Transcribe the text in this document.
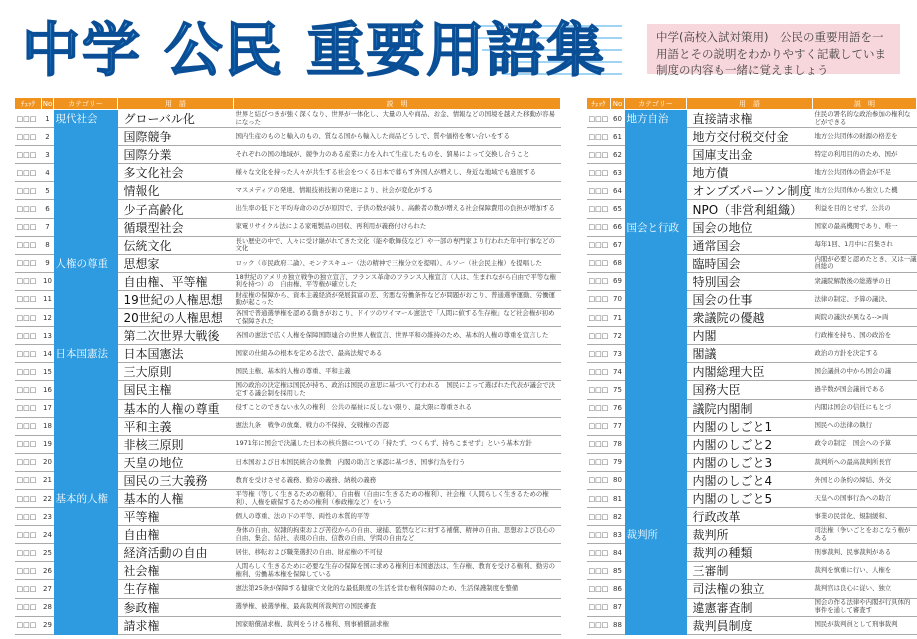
中学 公民 重要用語集	中学(高校入試対策用)　公民の重要用語を一
用語とその説明をわかりやすく記載していま
制度の内容も一緒に覚えましょう
ﾁｪｯｸ	No	カテゴリー	用　語	説　明
□□□	1	現代社会	グローバル化	世界と結びつきが強く深くなり、世界が一体化し、大量の人や商品、お金、情報などの国境を越えた移動が容易になった

□□□	2		国際競争	国内生産のものと輸入のもの、質なる国から輸入した商品どうしで、質や価格を奪い合いをする

□□□	3		国際分業	それぞれの国の地域が、競争力のある産業に力を入れて生産したものを、貿易によって交換し合うこと

□□□	4		多文化社会	様々な文化を持った人々が共生する社会をつくる日本で暮らす外国人が増えし、身近な地域でも進展する

□□□	5		情報化	マスメディアの発達、情報技術技術の発達により、社会が変化がする

□□□	6		少子高齢化	出生率の低下と平均寿命ののびが原因で、子供の数が減り、高齢者の数が増える社会保障費用の負担が増加する

□□□	7		循環型社会	家電リサイクル法による家電製品の回収、再利用が義務付けられた

□□□	8		伝統文化	長い歴史の中で、人々に受け継がれてきた文化（能や歌舞伎など）や一部の専門家より行われた年中行事などの文化

□□□	9	人権の尊重	思想家	ロック（市民政府二論）、モンテスキュー（法の精神で三権分立を提唱）、ルソー（社会民主権）を提唱した

□□□	10		自由権、平等権	18世紀のアメリカ独立戦争の独立宣言、フランス革命のフランス人権宣言（人は、生まれながら自由で平等な権利を持つ）の　自由権、平等権が確立した

□□□	11		19世紀の人権思想	財産権の保障から、資本主義経済が発展貧富の差、劣悪な労働条件などが問題がおこり、普通選挙運動、労働運動が起こった

□□□	12		20世紀の人権思想	各国で普通選挙権を認める動きがおこり、ドイツのワイマール憲法で「人間に値する生存権」など社会権が初めて保障された

□□□	13		第二次世界大戦後	各国の憲法で広く人権を保障国際連合の世界人権宣言、世界平和の維持のため、基本的人権の尊重を宣言した

□□□	14	日本国憲法	日本国憲法	国家の仕組みの根本を定める法で、最高法規である

□□□	15		三大原則	国民主権、基本的人権の尊重、平和主義

□□□	16		国民主権	国の政治の決定権は国民が持ち、政治は国民の意思に基づいて行われる　国民によって選ばれた代表が議会で決定する議会制を採用した

□□□	17		基本的人権の尊重	侵すことのできない永久の権利　公共の福祉に反しない限り、最大限に尊重される

□□□	18		平和主義	憲法九条　戦争の放棄、戦力の不保持、交戦権の否認

□□□	19		非核三原則	1971年に国会で決議した日本の核兵器についての「持たず、つくらず、持ちこませず」という基本方針

□□□	20		天皇の地位	日本国および日本国民統合の象徴　内閣の助言と承認に基づき、国事行為を行う

□□□	21		国民の三大義務	教育を受けさせる義務、勤労の義務、納税の義務

□□□	22	基本的人権	基本的人権	平等権（等しく生きるための権利）、自由権（自由に生きるための権利）、社会権（人間らしく生きるための権利）、人権を確保するための権利（参政権など）をいう

□□□	23		平等権	個人の尊重、法の下の平等、両性の本質的平等

□□□	24		自由権	身体の自由、奴隷的拘束および苦役からの自由、逮捕、監禁などに対する補償、精神の自由、思想および良心の自由、集会、結社、表現の自由、信教の自由、学問の自由など

□□□	25		経済活動の自由	居住、移転および職業選択の自由、財産権の不可侵

□□□	26		社会権	人間らしく生きるために必要な生存の保障を国に求める権利日本国憲法は、生存権、教育を受ける権利、勤労の権利、労働基本権を保障している

□□□	27		生存権	憲法第25条が保障する健康で文化的な最低限度の生活を営む権利保障のため、生活保護制度を整備

□□□	28		参政権	選挙権、被選挙権、最高裁判所裁判官の国民審査

□□□	29		請求権	国家賠償請求権、裁判をうける権利、刑事補償請求権
ﾁｪｯｸ	No	カテゴリー	用　語	説　明
□□□	60	地方自治	直接請求権	住民の署名的な政治参加の権利などができる

□□□	61		地方交付税交付金	地方公共団体の財源の格差を

□□□	62		国庫支出金	特定の利用目的のため、国が

□□□	63		地方債	地方公共団体の借金が不足

□□□	64		オンブズパーソン制度	地方公共団体から独立した機

□□□	65		NPO（非営利組織）	利益を目的とせず、公共の

□□□	66	国会と行政	国会の地位	国家の最高機関であり、唯一

□□□	67		通常国会	毎年1回、1月中に召集され

□□□	68		臨時国会	内閣が必要と認めたとき、又は一議員総の

□□□	69		特別国会	衆議院解散後の総選挙の日

□□□	70		国会の仕事	法律の制定、予算の議決、

□□□	71		衆議院の優越	両院の議決が異なる-->両

□□□	72		内閣	行政権を持ち、国の政治を

□□□	73		閣議	政治の方針を決定する

□□□	74		内閣総理大臣	国会議員の中から国会の議

□□□	75		国務大臣	過半数が国会議員である

□□□	76		議院内閣制	内閣は国会の信任にもとづ

□□□	77		内閣のしごと1	国民への法律の執行

□□□	78		内閣のしごと2	政令の制定　国会への予算

□□□	79		内閣のしごと3	裁判所への最高裁判所長官

□□□	80		内閣のしごと4	外国との条約の締結、外交

□□□	81		内閣のしごと5	天皇への国事行為への助言

□□□	82		行政改革	事業の民営化、規制緩和、

□□□	83	裁判所	裁判所	司法権（争いごとをおこなう権がある

□□□	84		裁判の種類	刑事裁判、民事裁判がある

□□□	85		三審制	裁判を慎重に行い、人権を

□□□	86		司法権の独立	裁判官は良心に従い、独立

□□□	87		違憲審査制	国会の作る法律や内閣が行具体的事件を通して審査す

□□□	88		裁判員制度	国民が裁判員として刑事裁判
